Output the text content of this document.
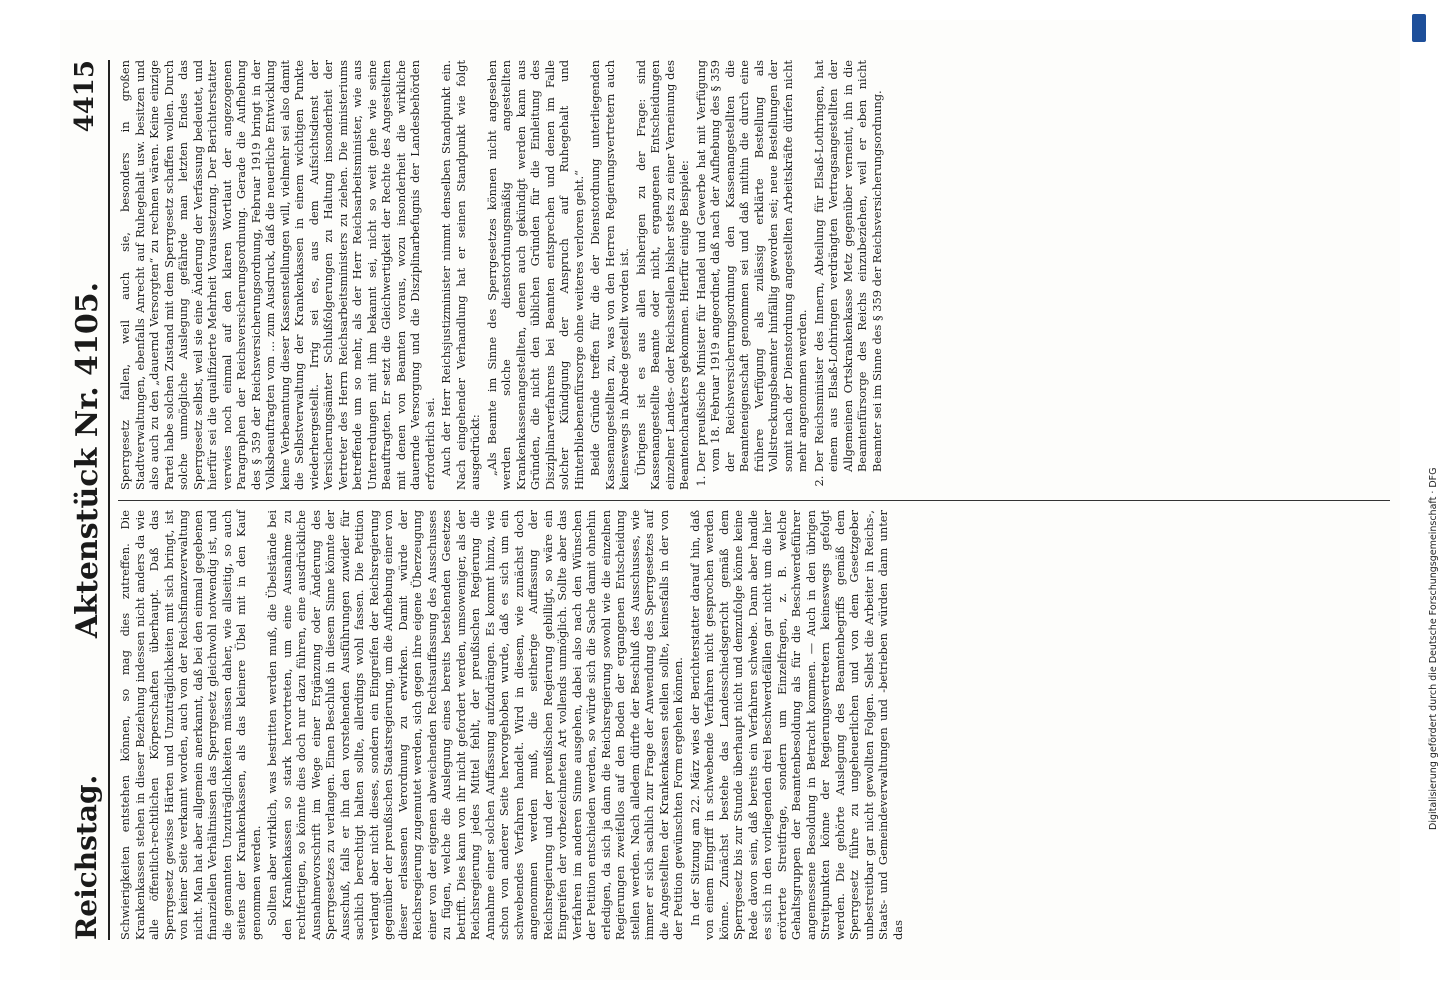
Reichstag.
Aktenstück Nr. 4105.
4415

Schwierigkeiten entstehen können, so mag dies zutreffen. Die Krankenkassen stehen in dieser Beziehung indessen nicht anders da wie alle öffentlich-rechtlichen Körperschaften überhaupt. Daß das Sperrgesetz gewisse Härten und Unzuträglichkeiten mit sich bringt, ist von keiner Seite verkannt worden, auch von der Reichsfinanzverwaltung nicht. Man hat aber allgemein anerkannt, daß bei den einmal gegebenen finanziellen Verhältnissen das Sperrgesetz gleichwohl notwendig ist, und die genannten Unzuträglichkeiten müssen daher, wie allseitig, so auch seitens der Krankenkassen, als das kleinere Übel mit in den Kauf genommen werden. Sollten aber wirklich, was bestritten werden muß, die Übelstände bei den Krankenkassen so stark hervortreten, um eine Ausnahme zu rechtfertigen, so könnte dies doch nur dazu führen, eine ausdrückliche Ausnahmevorschrift im Wege einer Ergänzung oder Änderung des Sperrgesetzes zu verlangen. Einen Beschluß in diesem Sinne könnte der Ausschuß, falls er ihn den vorstehenden Ausführungen zuwider für sachlich berechtigt halten sollte, allerdings wohl fassen. Die Petition verlangt aber nicht dieses, sondern ein Eingreifen der Reichsregierung gegenüber der preußischen Staatsregierung, um die Aufhebung einer von dieser erlassenen Verordnung zu erwirken. Damit würde der Reichsregierung zugemutet werden, sich gegen ihre eigene Überzeugung einer von der eigenen abweichenden Rechtsauffassung des Ausschusses zu fügen, welche die Auslegung eines bereits bestehenden Gesetzes betrifft. Dies kann von ihr nicht gefordert werden, umsoweniger, als der Reichsregierung jedes Mittel fehlt, der preußischen Regierung die Annahme einer solchen Auffassung aufzudrängen. Es kommt hinzu, wie schon von anderer Seite hervorgehoben wurde, daß es sich um ein schwebendes Verfahren handelt. Wird in diesem, wie zunächst doch angenommen werden muß, die seitherige Auffassung der Reichsregierung und der preußischen Regierung gebilligt, so wäre ein Eingreifen der vorbezeichneten Art vollends unmöglich. Sollte aber das Verfahren im anderen Sinne ausgehen, dabei also nach den Wünschen der Petition entschieden werden, so würde sich die Sache damit ohnehin erledigen, da sich ja dann die Reichsregierung sowohl wie die einzelnen Regierungen zweifellos auf den Boden der ergangenen Entscheidung stellen werden. Nach alledem dürfte der Beschluß des Ausschusses, wie immer er sich sachlich zur Frage der Anwendung des Sperrgesetzes auf die Angestellten der Krankenkassen stellen sollte, keinesfalls in der von der Petition gewünschten Form ergehen können. In der Sitzung am 22. März wies der Berichterstatter darauf hin, daß von einem Eingriff in schwebende Verfahren nicht gesprochen werden könne. Zunächst bestehe das Landesschiedsgericht gemäß dem Sperrgesetz bis zur Stunde überhaupt nicht und demzufolge könne keine Rede davon sein, daß bereits ein Verfahren schwebe. Dann aber handle es sich in den vorliegenden drei Beschwerdefällen gar nicht um die hier erörterte Streitfrage, sondern um Einzelfragen, z. B. welche Gehaltsgruppen der Beamtenbesoldung als für die Beschwerdeführer angemessene Besoldung in Betracht kommen. — Auch in den übrigen Streitpunkten könne der Regierungsvertretern keineswegs gefolgt werden. Die gehörte Auslegung des Beamtenbegriffs gemäß dem Sperrgesetz führe zu ungeheuerlichen und von dem Gesetzgeber unbestreitbar gar nicht gewollten Folgen. Selbst die Arbeiter in Reichs-, Staats- und Gemeindeverwaltungen und -betrieben würden dann unter das

Sperrgesetz fallen, weil auch sie, besonders in großen Stadtverwaltungen, ebenfalls Anrecht auf Ruhegehalt usw. besitzen und also auch zu den „dauernd Versorgten“ zu rechnen wären. Keine einzige Partei habe solchen Zustand mit dem Sperrgesetz schaffen wollen. Durch solche unmögliche Auslegung gefährde man letzten Endes das Sperrgesetz selbst, weil sie eine Änderung der Verfassung bedeutet, und hierfür sei die qualifizierte Mehrheit Voraussetzung. Der Berichterstatter verwies noch einmal auf den klaren Wortlaut der angezogenen Paragraphen der Reichsversicherungsordnung. Gerade die Aufhebung des § 359 der Reichsversicherungsordnung, Februar 1919 bringt in der Volksbeauftragten vom ... zum Ausdruck, daß die neuerliche Entwicklung keine Verbeamtung dieser Kassenstellungen will, vielmehr sei also damit die Selbstverwaltung der Krankenkassen in einem wichtigen Punkte wiederhergestellt. Irrig sei es, aus dem Aufsichtsdienst der Versicherungsämter Schlußfolgerungen zu Haltung insonderheit der Vertreter des Herrn Reichsarbeitsministers zu ziehen. Die ministeriums betreffende um so mehr, als der Herr Reichsarbeitsminister, wie aus Unterredungen mit ihm bekannt sei, nicht so weit gehe wie seine Beauftragten. Er setzt die Gleichwertigkeit der Rechte des Angestellten mit denen von Beamten voraus, wozu insonderheit die wirkliche dauernde Versorgung und die Disziplinarbefugnis der Landesbehörden erforderlich sei. Auch der Herr Reichsjustizminister nimmt denselben Standpunkt ein. Nach eingehender Verhandlung hat er seinen Standpunkt wie folgt ausgedrückt: „Als Beamte im Sinne des Sperrgesetzes können nicht angesehen werden solche dienstordnungsmäßig angestellten Krankenkassenangestellten, denen auch gekündigt werden kann aus Gründen, die nicht den üblichen Gründen für die Einleitung des Disziplinarverfahrens bei Beamten entsprechen und denen im Falle solcher Kündigung der Anspruch auf Ruhegehalt und Hinterbliebenenfürsorge ohne weiteres verloren geht.“ Beide Gründe treffen für die der Dienstordnung unterliegenden Kassenangestellten zu, was von den Herren Regierungsvertretern auch keineswegs in Abrede gestellt worden ist. Übrigens ist es aus allen bisherigen zu der Frage: sind Kassenangestellte Beamte oder nicht, ergangenen Entscheidungen einzelner Landes- oder Reichsstellen bisher stets zu einer Verneinung des Beamtencharakters gekommen. Hierfür einige Beispiele: 1. Der preußische Minister für Handel und Gewerbe hat mit Verfügung vom 18. Februar 1919 angeordnet, daß nach der Aufhebung des § 359 der Reichsversicherungsordnung den Kassenangestellten die Beamteneigenschaft genommen sei und daß mithin die durch eine frühere Verfügung als zulässig erklärte Bestellung als Vollstreckungsbeamter hinfällig geworden sei; neue Bestellungen der somit nach der Dienstordnung angestellten Arbeitskräfte dürfen nicht mehr angenommen werden. 2. Der Reichsminister des Innern, Abteilung für Elsaß-Lothringen, hat einem aus Elsaß-Lothringen verdrängten Vertragsangestellten der Allgemeinen Ortskrankenkasse Metz gegenüber verneint, ihn in die Beamtenfürsorge des Reichs einzubeziehen, weil er eben nicht Beamter sei im Sinne des § 359 der Reichsversicherungsordnung.
Digitalisierung gefördert durch die Deutsche Forschungsgemeinschaft · DFG
